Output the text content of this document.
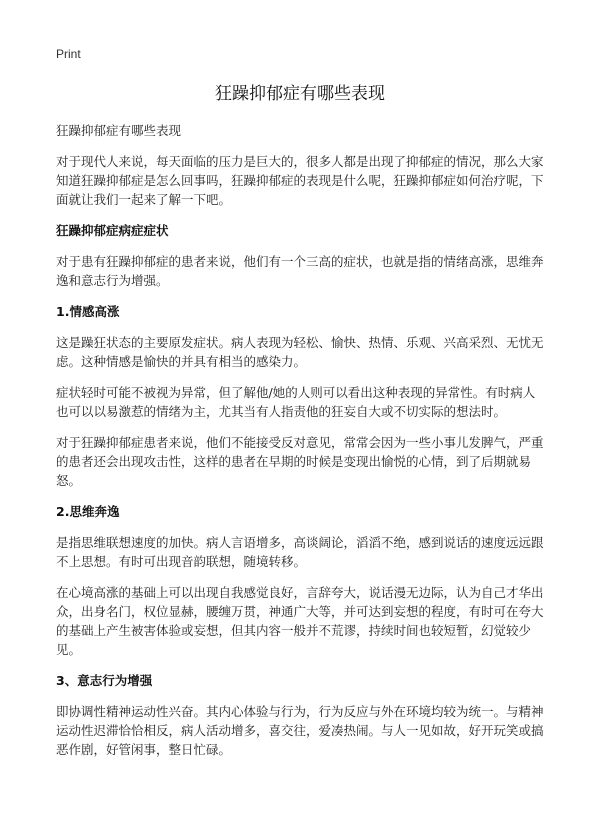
Print
狂躁抑郁症有哪些表现

狂躁抑郁症有哪些表现

对于现代人来说，每天面临的压力是巨大的，很多人都是出现了抑郁症的情况，那么大家知道狂躁抑郁症是怎么回事吗，狂躁抑郁症的表现是什么呢，狂躁抑郁症如何治疗呢，下面就让我们一起来了解一下吧。

狂躁抑郁症病症症状

对于患有狂躁抑郁症的患者来说，他们有一个三高的症状，也就是指的情绪高涨，思维奔逸和意志行为增强。

1.情感高涨

这是躁狂状态的主要原发症状。病人表现为轻松、愉快、热情、乐观、兴高采烈、无忧无虑。这种情感是愉快的并具有相当的感染力。

症状轻时可能不被视为异常，但了解他/她的人则可以看出这种表现的异常性。有时病人也可以以易激惹的情绪为主，尤其当有人指责他的狂妄自大或不切实际的想法时。

对于狂躁抑郁症患者来说，他们不能接受反对意见，常常会因为一些小事儿发脾气，严重的患者还会出现攻击性，这样的患者在早期的时候是变现出愉悦的心情，到了后期就易怒。

2.思维奔逸

是指思维联想速度的加快。病人言语增多，高谈阔论，滔滔不绝，感到说话的速度远远跟不上思想。有时可出现音韵联想，随境转移。

在心境高涨的基础上可以出现自我感觉良好，言辞夸大，说话漫无边际，认为自己才华出众，出身名门，权位显赫，腰缠万贯，神通广大等，并可达到妄想的程度，有时可在夸大的基础上产生被害体验或妄想，但其内容一般并不荒谬，持续时间也较短暂，幻觉较少见。

3、意志行为增强

即协调性精神运动性兴奋。其内心体验与行为，行为反应与外在环境均较为统一。与精神运动性迟滞恰恰相反，病人活动增多，喜交往，爱凑热闹。与人一见如故，好开玩笑或搞恶作剧，好管闲事，整日忙碌。
